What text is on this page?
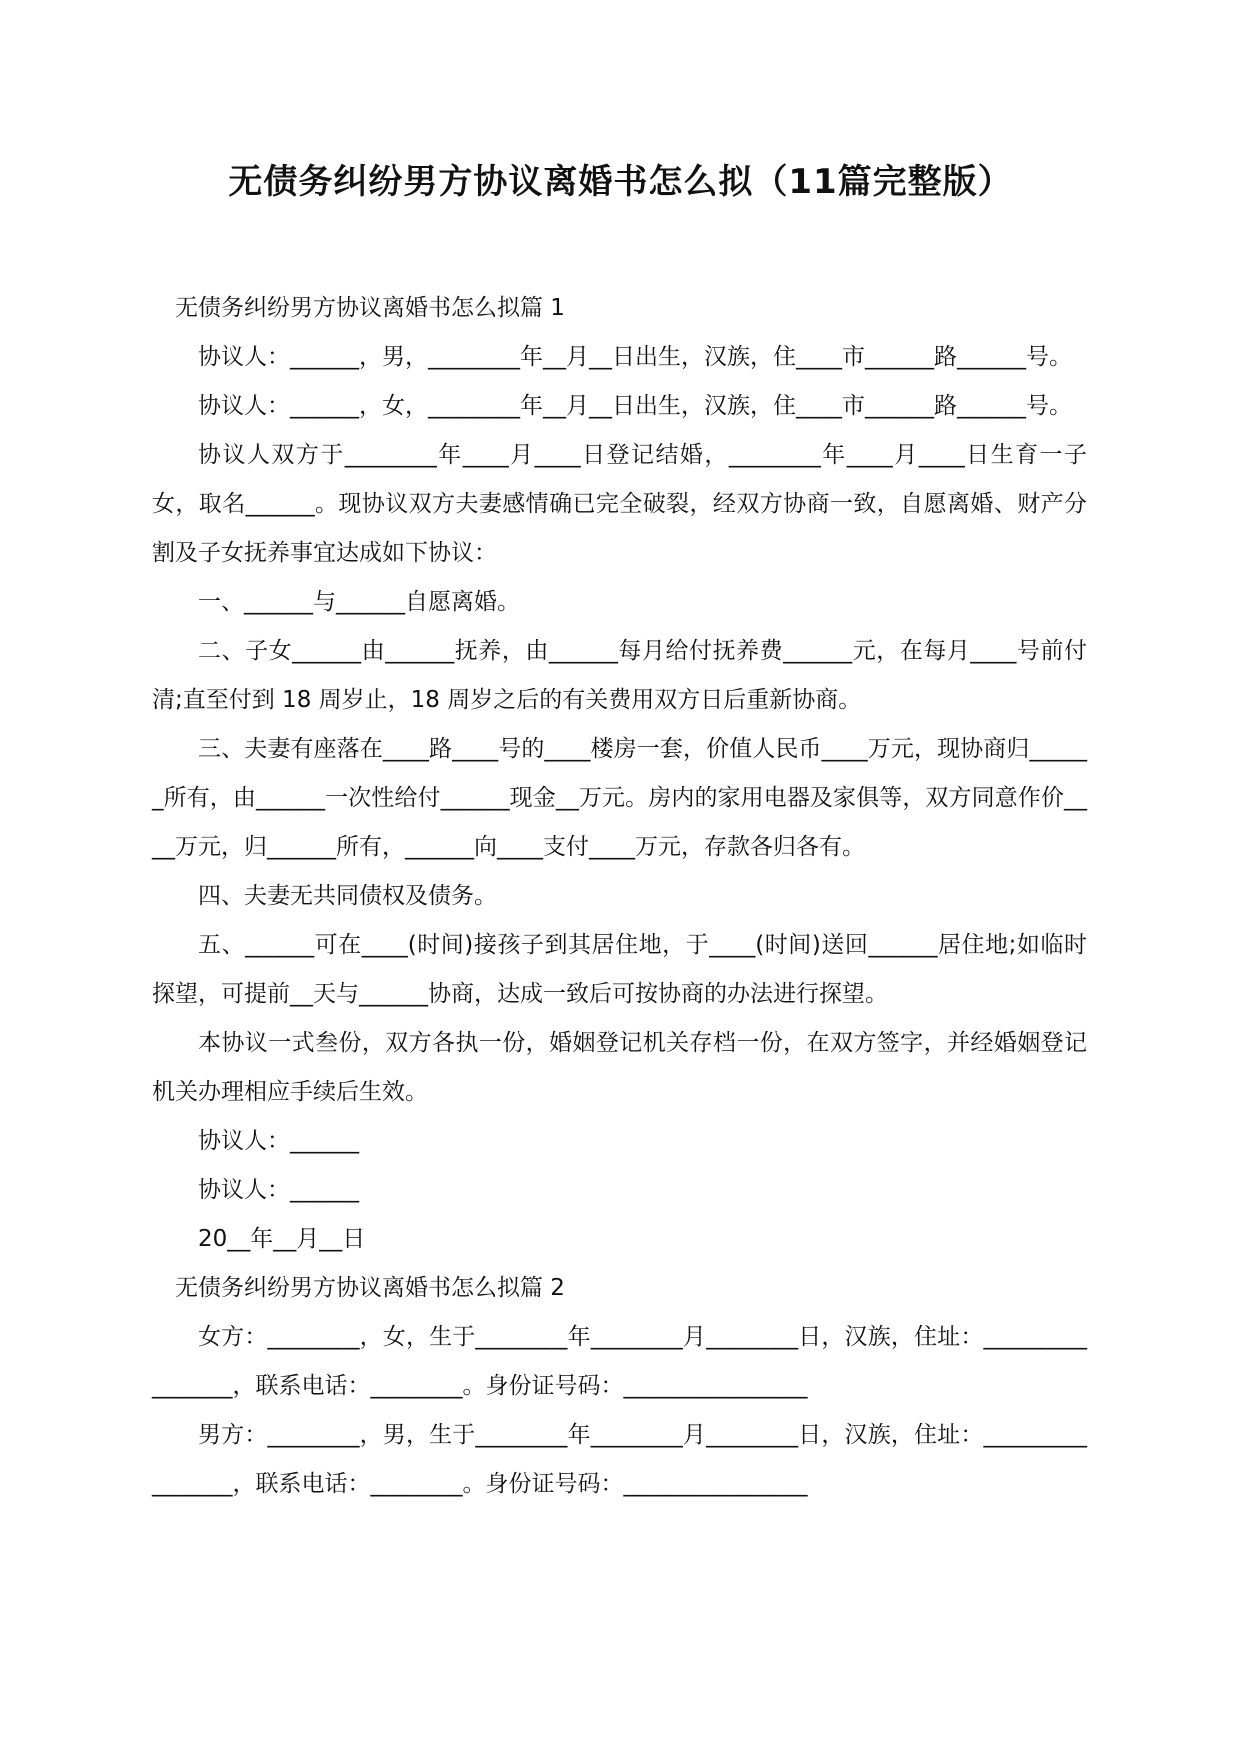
无债务纠纷男方协议离婚书怎么拟（11篇完整版）

无债务纠纷男方协议离婚书怎么拟篇 1

协议人：______，男，________年__月__日出生，汉族，住____市______路______号。

协议人：______，女，________年__月__日出生，汉族，住____市______路______号。

协议人双方于________年____月____日登记结婚，________年____月____日生育一子女，取名______。现协议双方夫妻感情确已完全破裂，经双方协商一致，自愿离婚、财产分割及子女抚养事宜达成如下协议：

一、______与______自愿离婚。

二、子女______由______抚养，由______每月给付抚养费______元，在每月____号前付清;直至付到 18 周岁止，18 周岁之后的有关费用双方日后重新协商。

三、夫妻有座落在____路____号的____楼房一套，价值人民币____万元，现协商归______所有，由______一次性给付______现金__万元。房内的家用电器及家俱等，双方同意作价____万元，归______所有，______向____支付____万元，存款各归各有。

四、夫妻无共同债权及债务。

五、______可在____(时间)接孩子到其居住地，于____(时间)送回______居住地;如临时探望，可提前__天与______协商，达成一致后可按协商的办法进行探望。

本协议一式叁份，双方各执一份，婚姻登记机关存档一份，在双方签字，并经婚姻登记机关办理相应手续后生效。

协议人：______

协议人：______

20__年__月__日

无债务纠纷男方协议离婚书怎么拟篇 2

女方：________，女，生于________年________月________日，汉族，住址：________________，联系电话：________。身份证号码：________________

男方：________，男，生于________年________月________日，汉族，住址：________________，联系电话：________。身份证号码：________________
